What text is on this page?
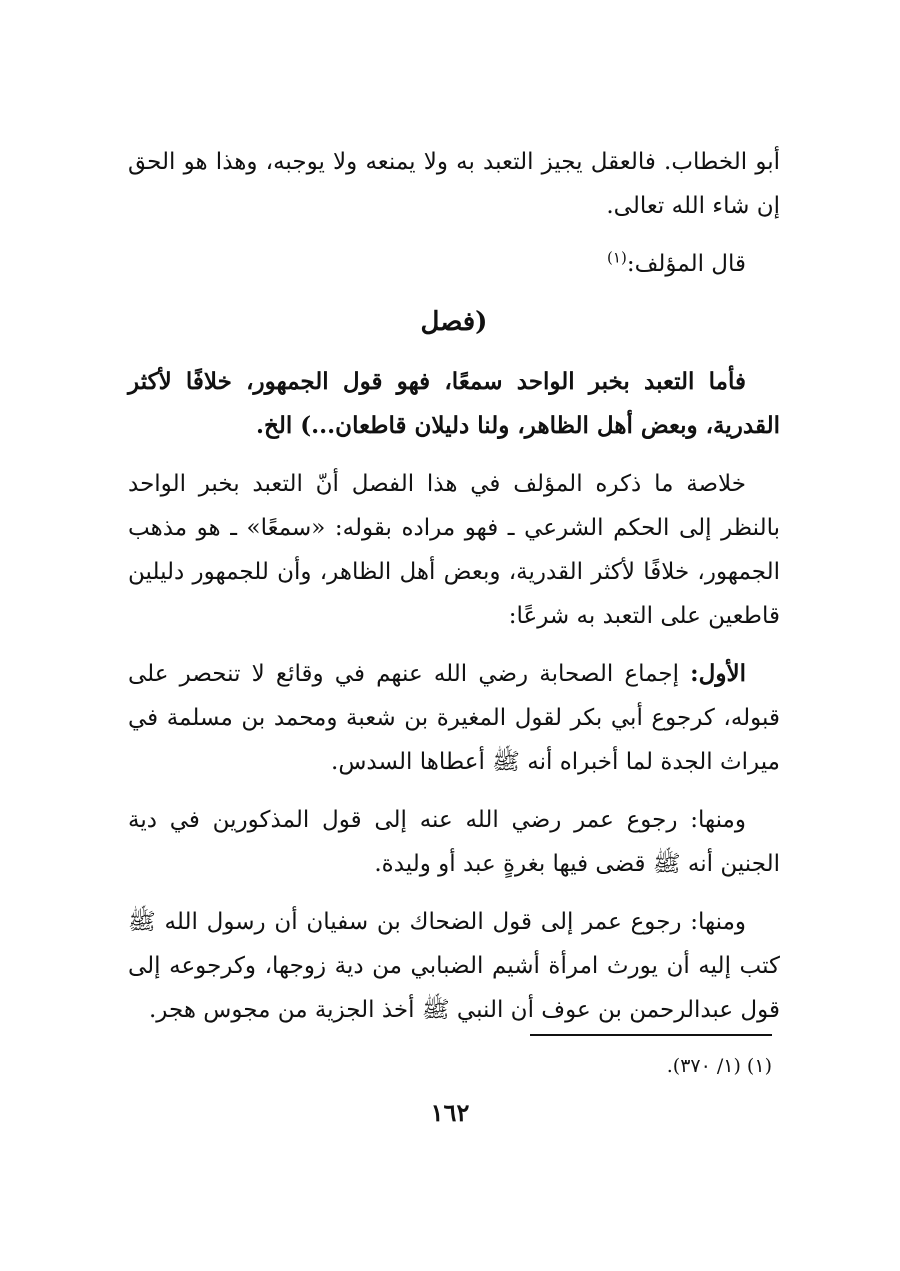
أبو الخطاب. فالعقل يجيز التعبد به ولا يمنعه ولا يوجبه، وهذا هو الحق إن شاء الله تعالى.

قال المؤلف:$^{(١)}$

(فصل

فأما التعبد بخبر الواحد سمعًا، فهو قول الجمهور، خلافًا لأكثر القدرية، وبعض أهل الظاهر، ولنا دليلان قاطعان...) الخ.

خلاصة ما ذكره المؤلف في هذا الفصل أنّ التعبد بخبر الواحد بالنظر إلى الحكم الشرعي ـ فهو مراده بقوله: «سمعًا» ـ هو مذهب الجمهور، خلافًا لأكثر القدرية، وبعض أهل الظاهر، وأن للجمهور دليلين قاطعين على التعبد به شرعًا:

الأول: إجماع الصحابة رضي الله عنهم في وقائع لا تنحصر على قبوله، كرجوع أبي بكر لقول المغيرة بن شعبة ومحمد بن مسلمة في ميراث الجدة لما أخبراه أنه ﷺ أعطاها السدس.

ومنها: رجوع عمر رضي الله عنه إلى قول المذكورين في دية الجنين أنه ﷺ قضى فيها بغرةٍ عبد أو وليدة.

ومنها: رجوع عمر إلى قول الضحاك بن سفيان أن رسول الله ﷺ كتب إليه أن يورث امرأة أشيم الضبابي من دية زوجها، وكرجوعه إلى قول عبدالرحمن بن عوف أن النبي ﷺ أخذ الجزية من مجوس هجر.

(١) (١/ ٣٧٠).
١٦٢
